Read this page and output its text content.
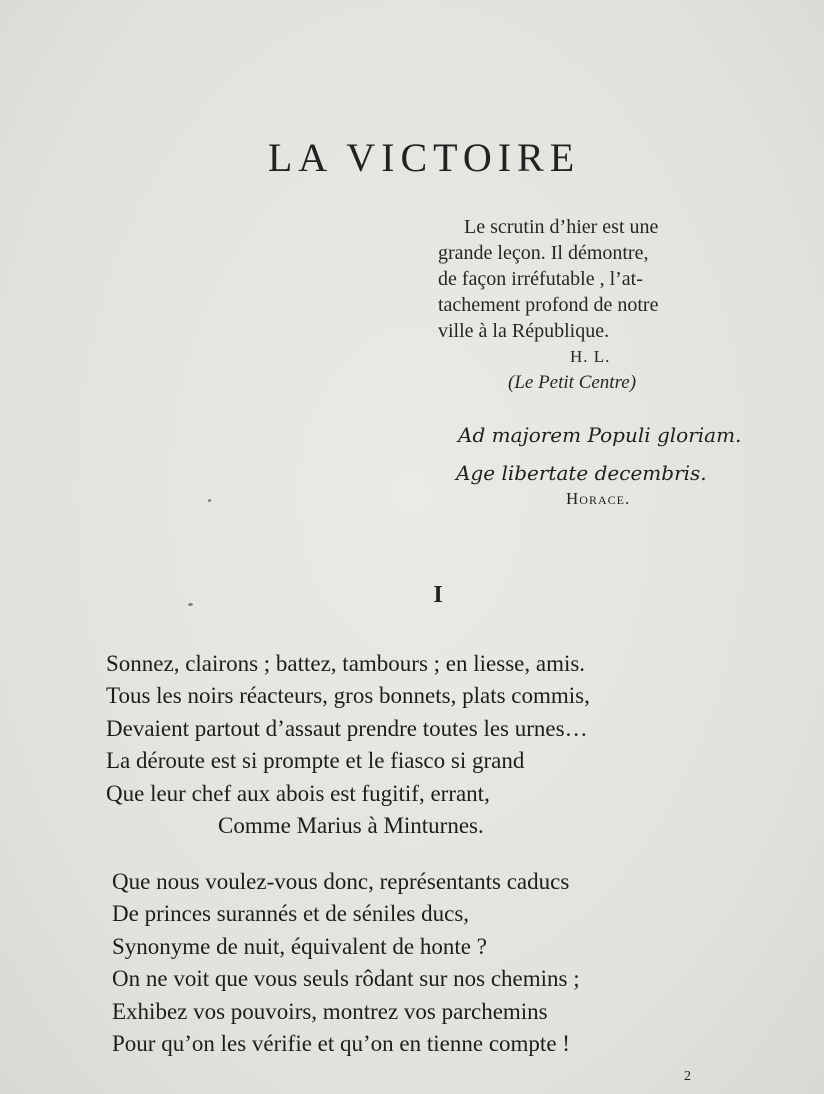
LA VICTOIRE
Le scrutin d’hier est une
grande leçon. Il démontre,
de façon irréfutable , l’at-
tachement profond de notre
ville à la République.
H. L.
(Le Petit Centre)
Ad majorem Populi gloriam.
Age libertate decembris.
Horace.
I
Sonnez, clairons ; battez, tambours ; en liesse, amis.
Tous les noirs réacteurs, gros bonnets, plats commis,
Devaient partout d’assaut prendre toutes les urnes…
La déroute est si prompte et le fiasco si grand
Que leur chef aux abois est fugitif, errant,
Comme Marius à Minturnes.
Que nous voulez-vous donc, représentants caducs
De princes surannés et de séniles ducs,
Synonyme de nuit, équivalent de honte ?
On ne voit que vous seuls rôdant sur nos chemins ;
Exhibez vos pouvoirs, montrez vos parchemins
Pour qu’on les vérifie et qu’on en tienne compte !
2
